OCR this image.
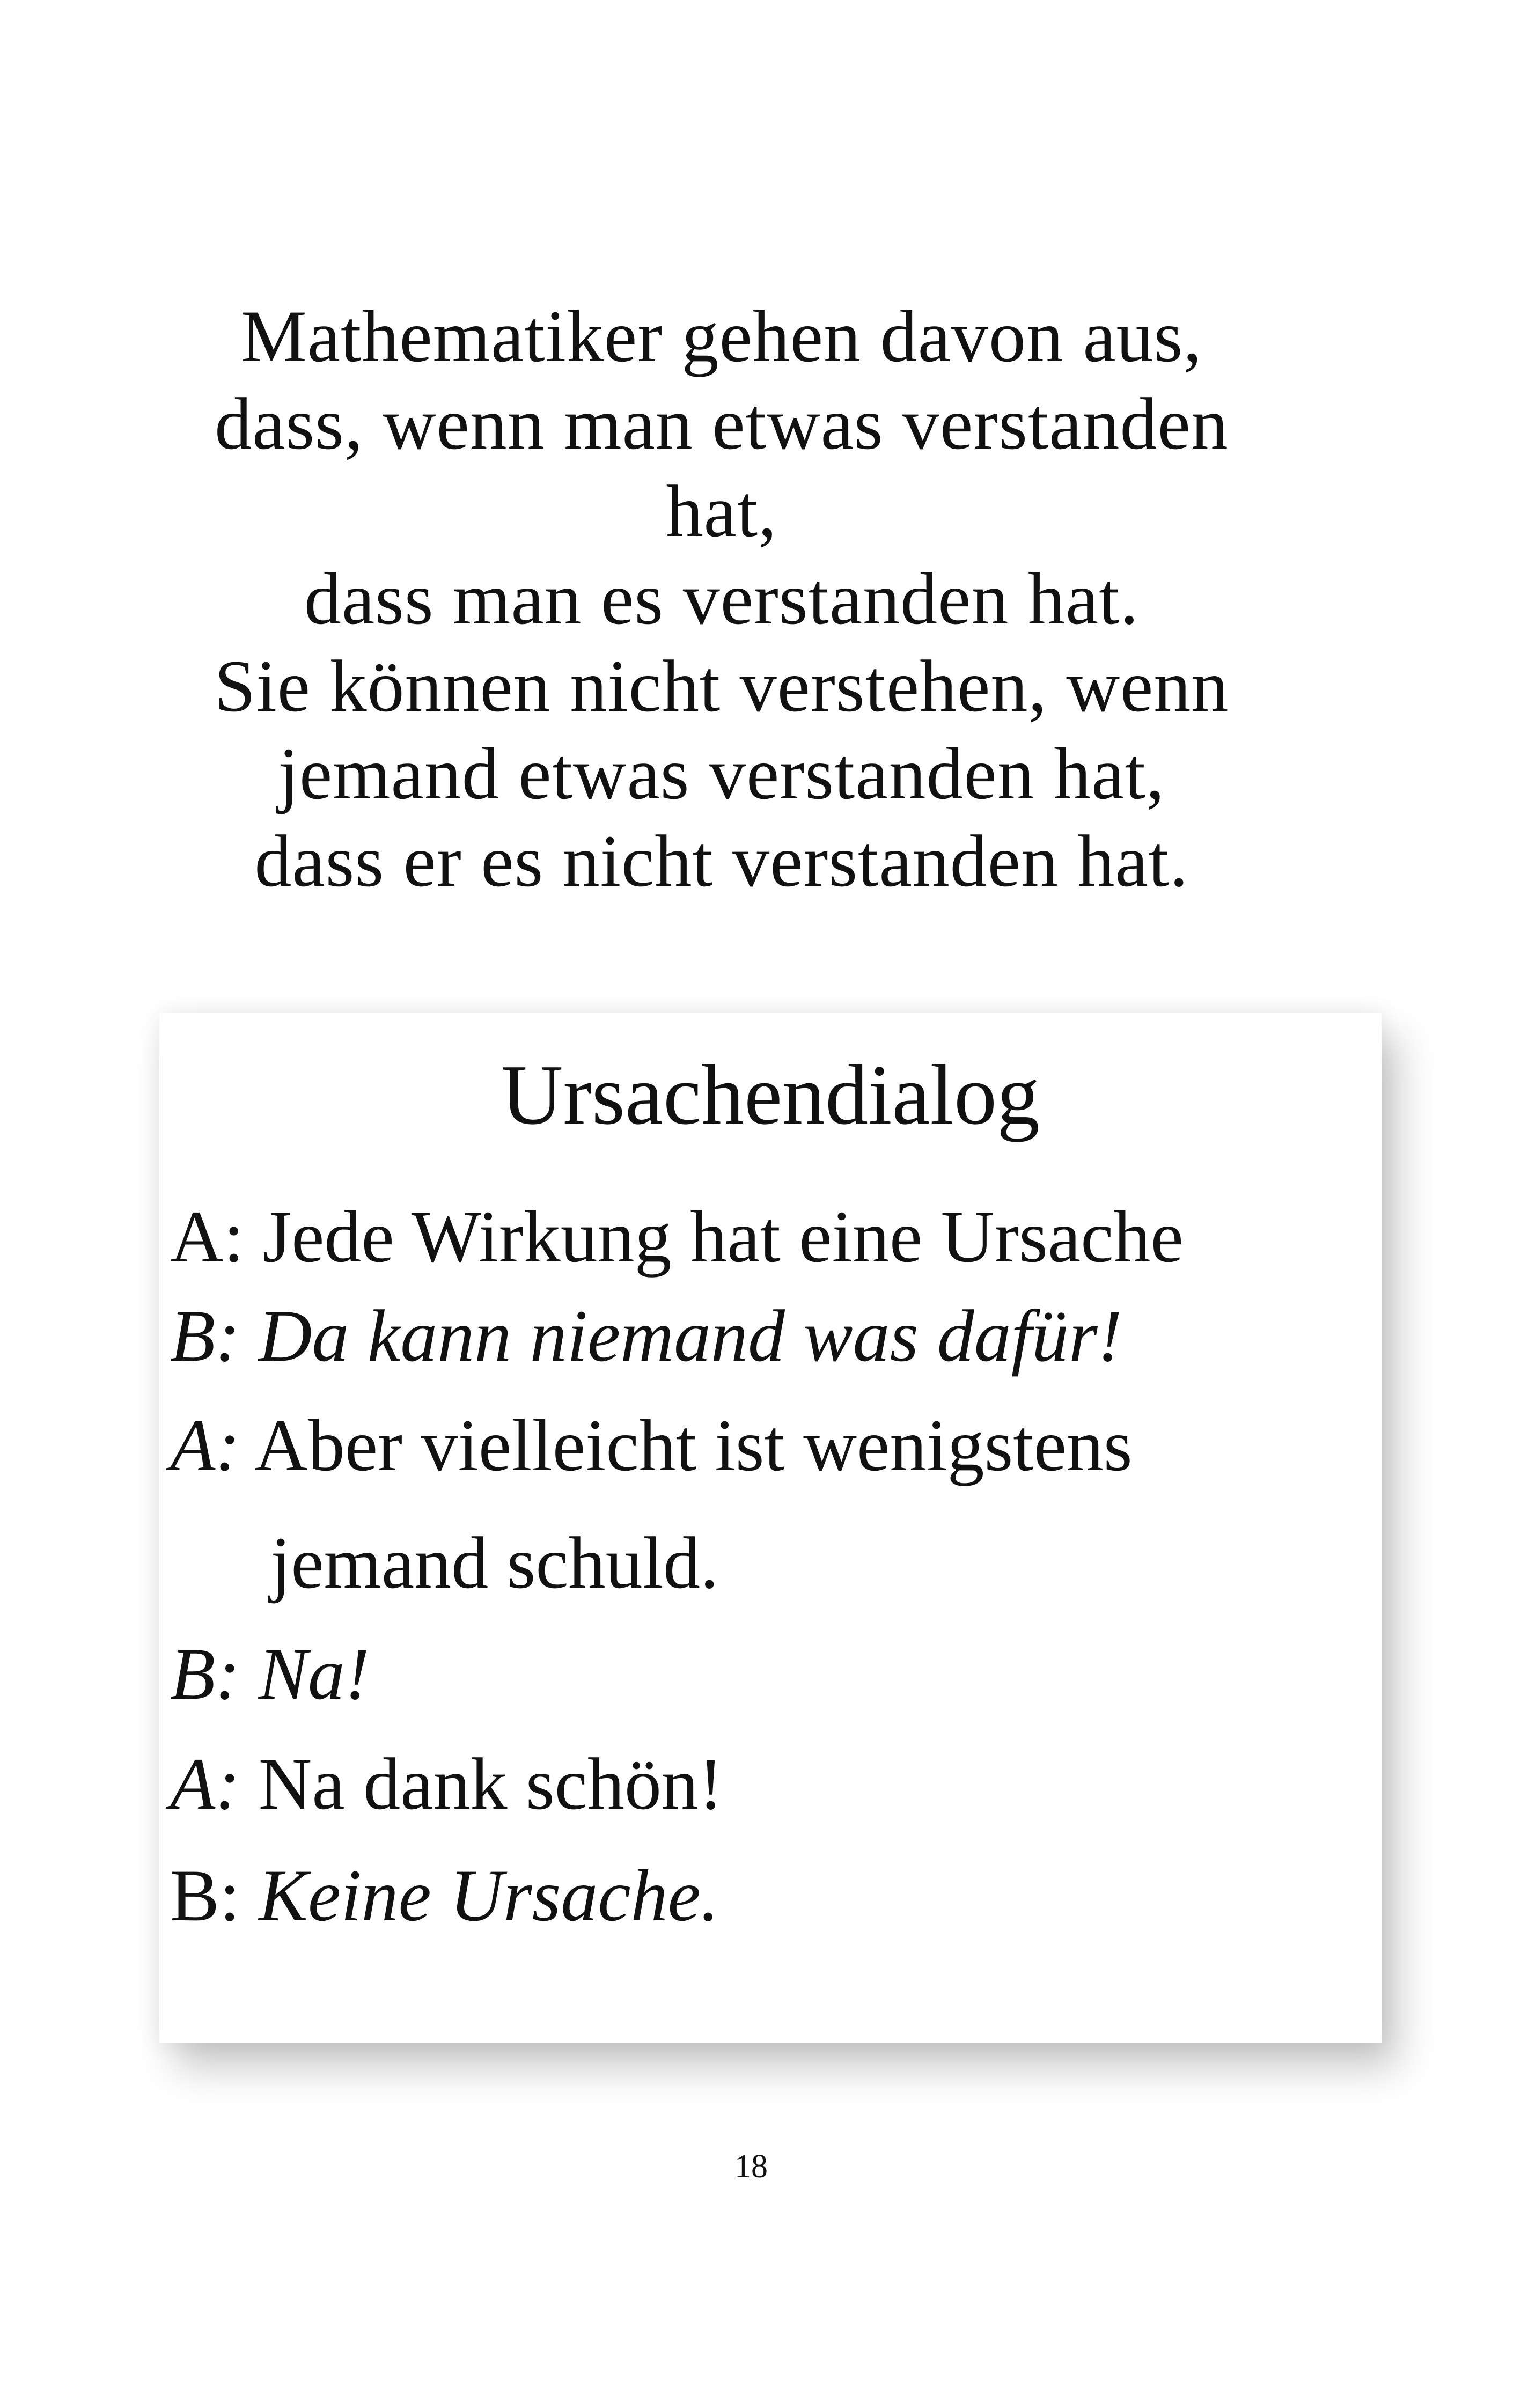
Mathematiker gehen davon aus,
dass, wenn man etwas verstanden
hat,
dass man es verstanden hat.
Sie können nicht verstehen, wenn
jemand etwas verstanden hat,
dass er es nicht verstanden hat.
Ursachendialog
A: Jede Wirkung hat eine Ursache
B: Da kann niemand was dafür!
A: Aber vielleicht ist wenigstens
jemand schuld.
B: Na!
A: Na dank schön!
B: Keine Ursache.
18
